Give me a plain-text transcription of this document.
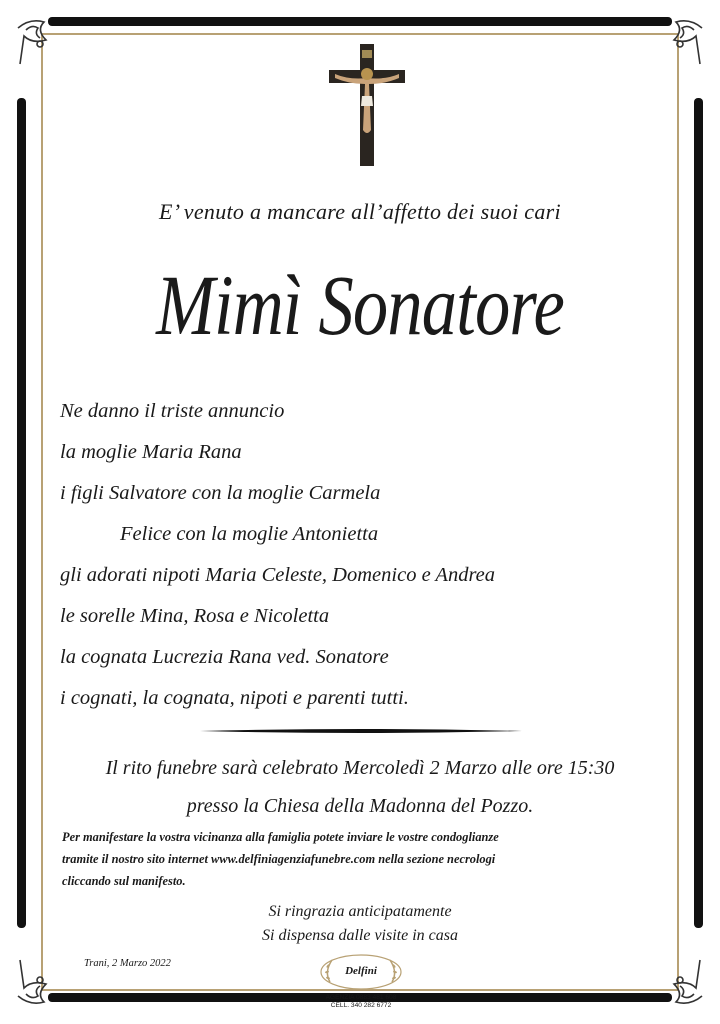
E’ venuto a mancare all’affetto dei suoi cari
Mimì Sonatore
Ne danno il triste annuncio
la moglie Maria Rana
i figli Salvatore con la moglie Carmela
Felice con la moglie Antonietta
gli adorati nipoti Maria Celeste, Domenico e Andrea
le sorelle Mina, Rosa e Nicoletta
la cognata Lucrezia Rana ved. Sonatore
i cognati, la cognata, nipoti e parenti tutti.
Il rito funebre sarà celebrato Mercoledì 2 Marzo alle ore 15:30
presso la Chiesa della Madonna del Pozzo.
Per manifestare la vostra vicinanza alla famiglia potete inviare le vostre condoglianze
tramite il nostro sito internet www.delfiniagenziafunebre.com nella sezione necrologi
cliccando sul manifesto.
Si ringrazia anticipatamente
Si dispensa dalle visite in casa
Trani, 2 Marzo 2022
Delfini
AGENZIA 0883 481 608
CELL. 340 282 6772
